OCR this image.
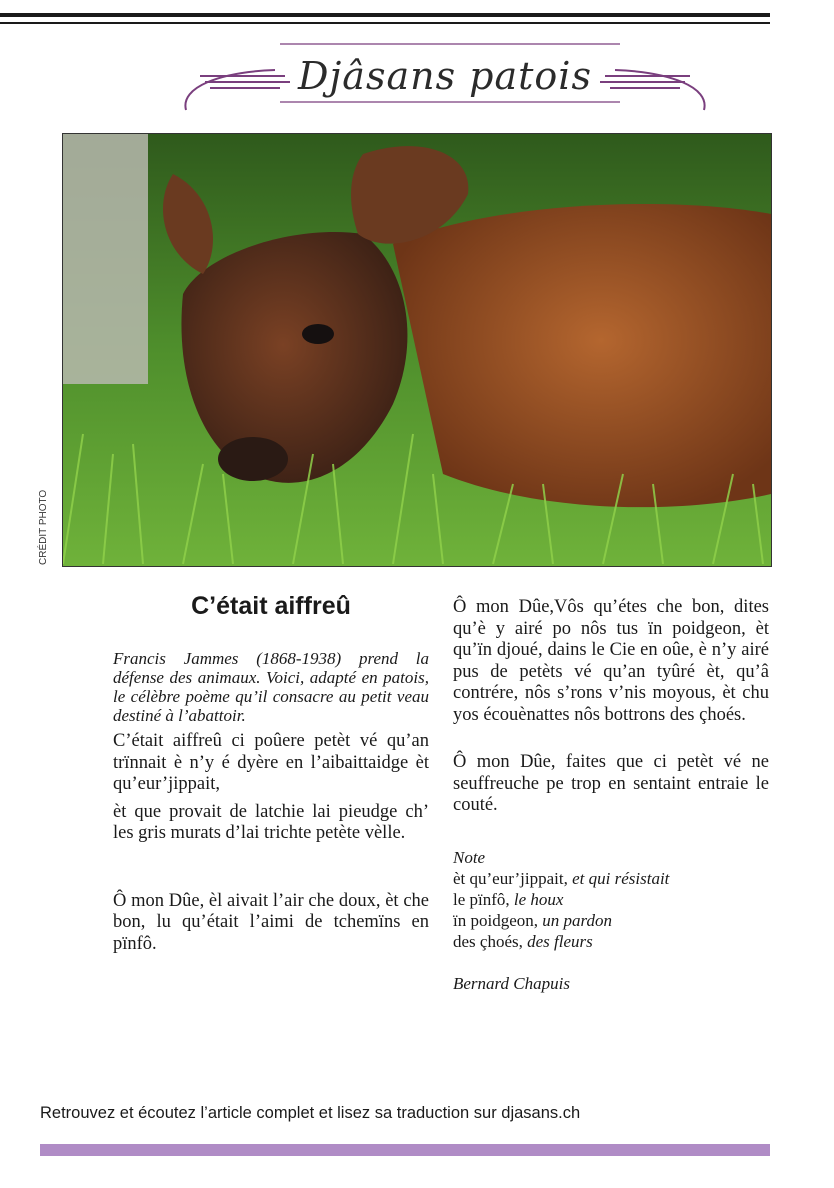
Djâsans patois
CRÉDIT PHOTO
C’était aiffreû

Francis Jammes (1868-1938) prend la défense des animaux. Voici, adapté en patois, le célèbre poème qu’il consacre au petit veau destiné à l’abattoir.

C’était aiffreû ci poûere petèt vé qu’an trïnnait è n’y é dyère en l’aibaittaidge èt qu’eur’jippait,

èt que provait de latchie lai pieudge ch’ les gris murats d’lai trichte petète vèlle.

Ô mon Dûe, èl aivait l’air che doux, èt che bon, lu qu’était l’aimi de tchemïns en pïnfô.

Ô mon Dûe,Vôs qu’étes che bon, dites qu’è y airé po nôs tus ïn poidgeon, èt qu’ïn djoué, dains le Cie en oûe, è n’y airé pus de petèts vé qu’an tyûré èt, qu’â contrére, nôs s’rons v’nis moyous, èt chu yos écouènattes nôs bottrons des çhoés.

Ô mon Dûe, faites que ci petèt vé ne seuffreuche pe trop en sentaint entraie le couté.

Note
èt qu’eur’jippait, et qui résistait
le pïnfô, le houx
ïn poidgeon, un pardon
des çhoés, des fleurs
Bernard Chapuis
Retrouvez et écoutez l’article complet et lisez sa traduction sur djasans.ch
